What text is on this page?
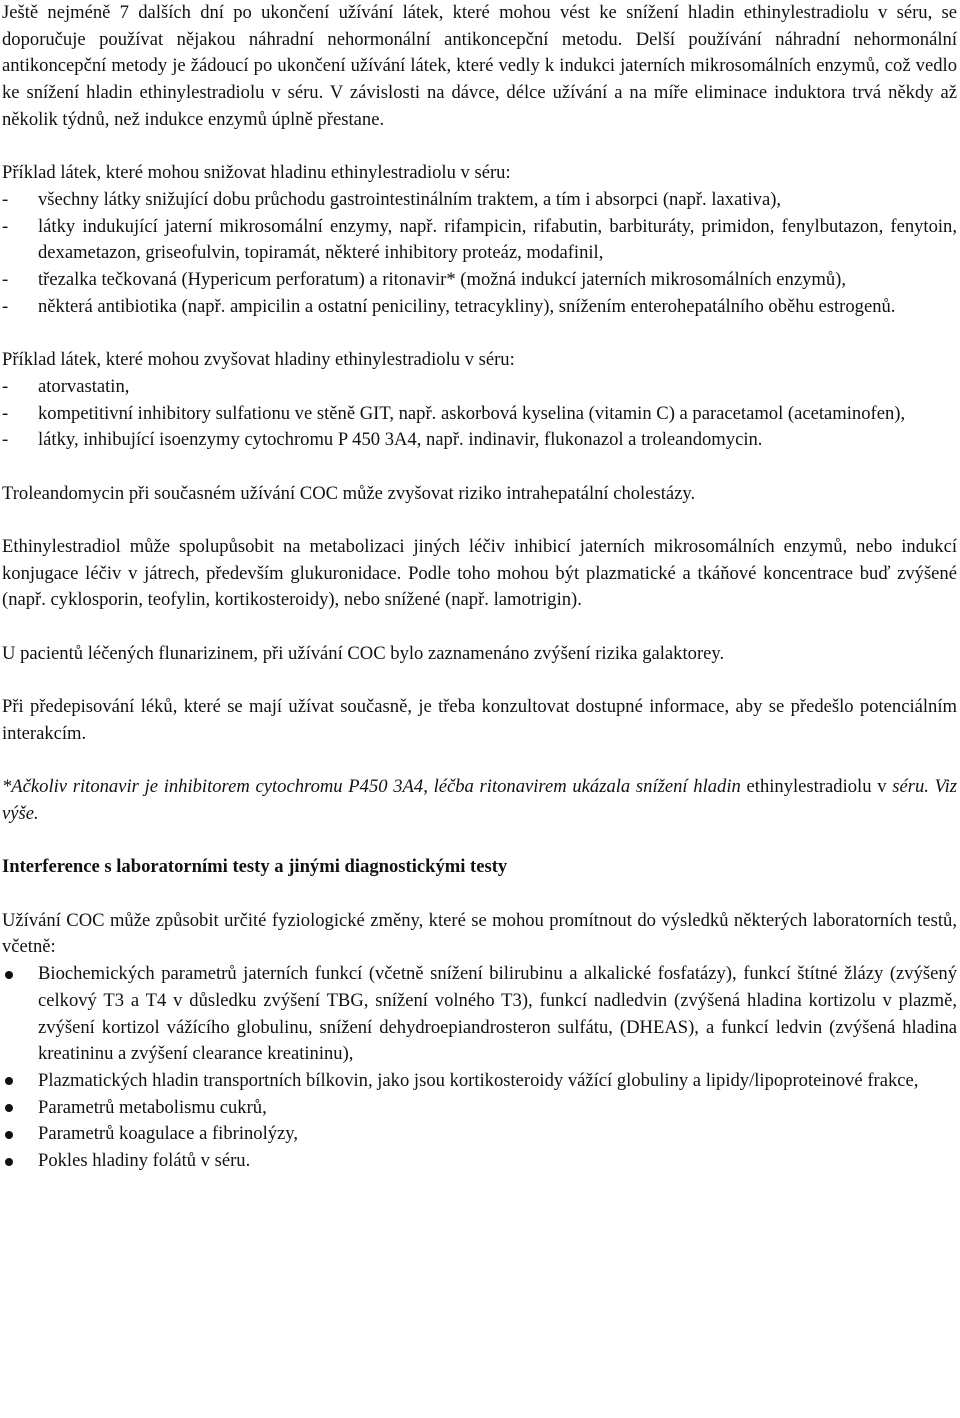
Ještě nejméně 7 dalších dní po ukončení užívání látek, které mohou vést ke snížení hladin ethinylestradiolu v séru, se doporučuje používat nějakou náhradní nehormonální antikoncepční metodu. Delší používání náhradní nehormonální antikoncepční metody je žádoucí po ukončení užívání látek, které vedly k indukci jaterních mikrosomálních enzymů, což vedlo ke snížení hladin ethinylestradiolu v séru. V závislosti na dávce, délce užívání a na míře eliminace induktora trvá někdy až několik týdnů, než indukce enzymů úplně přestane.

Příklad látek, které mohou snižovat hladinu ethinylestradiolu v séru:

-	všechny látky snižující dobu průchodu gastrointestinálním traktem, a tím i absorpci (např. laxativa),
-	látky indukující jaterní mikrosomální enzymy, např. rifampicin, rifabutin, barbituráty, primidon, fenylbutazon, fenytoin, dexametazon, griseofulvin, topiramát, některé inhibitory proteáz, modafinil,
-	třezalka tečkovaná (Hypericum perforatum) a ritonavir* (možná indukcí jaterních mikrosomálních enzymů),
-	některá antibiotika (např. ampicilin a ostatní peniciliny, tetracykliny), snížením enterohepatálního oběhu estrogenů.

Příklad látek, které mohou zvyšovat hladiny ethinylestradiolu v séru:

-	atorvastatin,
-	kompetitivní inhibitory sulfationu ve stěně GIT, např. askorbová kyselina (vitamin C) a paracetamol (acetaminofen),
-	látky, inhibující isoenzymy cytochromu P 450 3A4, např. indinavir, flukonazol a troleandomycin.

Troleandomycin při současném užívání COC může zvyšovat riziko intrahepatální cholestázy.

Ethinylestradiol může spolupůsobit na metabolizaci jiných léčiv inhibicí jaterních mikrosomálních enzymů, nebo indukcí konjugace léčiv v játrech, především glukuronidace. Podle toho mohou být plazmatické a tkáňové koncentrace buď zvýšené (např. cyklosporin, teofylin, kortikosteroidy), nebo snížené (např. lamotrigin).

U pacientů léčených flunarizinem, při užívání COC bylo zaznamenáno zvýšení rizika galaktorey.

Při předepisování léků, které se mají užívat současně, je třeba konzultovat dostupné informace, aby se předešlo potenciálním interakcím.

*Ačkoliv ritonavir je inhibitorem cytochromu P450 3A4, léčba ritonavirem ukázala snížení hladin ethinylestradiolu v séru. Viz výše.

Interference s laboratorními testy a jinými diagnostickými testy

Užívání COC může způsobit určité fyziologické změny, které se mohou promítnout do výsledků některých laboratorních testů, včetně:

Biochemických parametrů jaterních funkcí (včetně snížení bilirubinu a alkalické fosfatázy), funkcí štítné žlázy (zvýšený celkový T3 a T4 v důsledku zvýšení TBG, snížení volného T3), funkcí nadledvin (zvýšená hladina kortizolu v plazmě, zvýšení kortizol vážícího globulinu, snížení dehydroepiandrosteron sulfátu, (DHEAS), a funkcí ledvin (zvýšená hladina kreatininu a zvýšení clearance kreatininu),
Plazmatických hladin transportních bílkovin, jako jsou kortikosteroidy vážící globuliny a lipidy/lipoproteinové frakce,
Parametrů metabolismu cukrů,
Parametrů koagulace a fibrinolýzy,
Pokles hladiny folátů v séru.
